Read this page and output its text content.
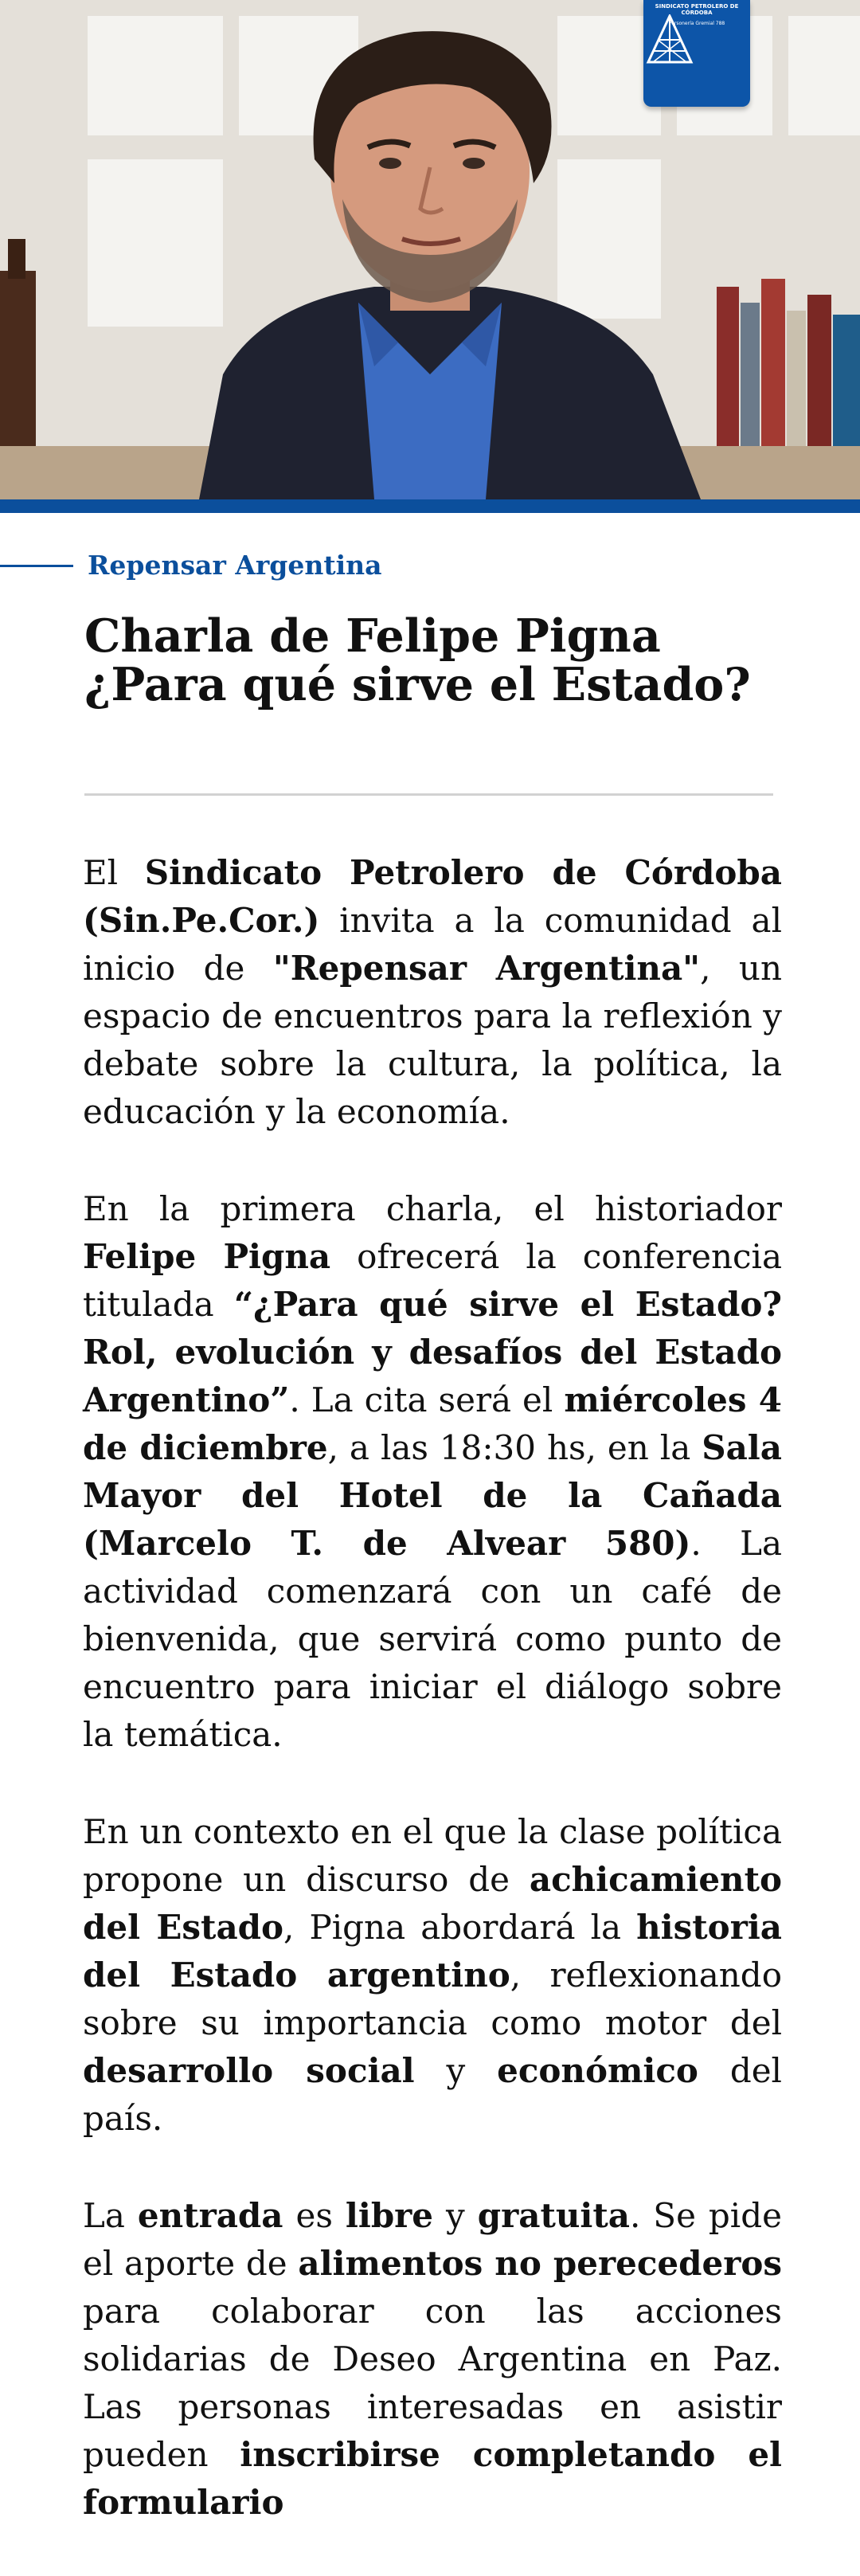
SINDICATO PETROLERO DE CÓRDOBA
Personería Gremial 788
Repensar Argentina
Charla de Felipe Pigna ¿Para qué sirve el Estado?

El Sindicato Petrolero de Córdoba (Sin.Pe.Cor.) invita a la comunidad al inicio de "Repensar Argentina", un espacio de encuentros para la reflexión y debate sobre la cultura, la política, la educación y la economía.

En la primera charla, el historiador Felipe Pigna ofrecerá la conferencia titulada “¿Para qué sirve el Estado? Rol, evolución y desafíos del Estado Argentino”. La cita será el miércoles 4 de diciembre, a las 18:30 hs, en la Sala Mayor del Hotel de la Cañada (Marcelo T. de Alvear 580). La actividad comenzará con un café de bienvenida, que servirá como punto de encuentro para iniciar el diálogo sobre la temática.

En un contexto en el que la clase política propone un discurso de achicamiento del Estado, Pigna abordará la historia del Estado argentino, reflexionando sobre su importancia como motor del desarrollo social y económico del país.

La entrada es libre y gratuita. Se pide el aporte de alimentos no perecederos para colaborar con las acciones solidarias de Deseo Argentina en Paz. Las personas interesadas en asistir pueden inscribirse completando el formulario
